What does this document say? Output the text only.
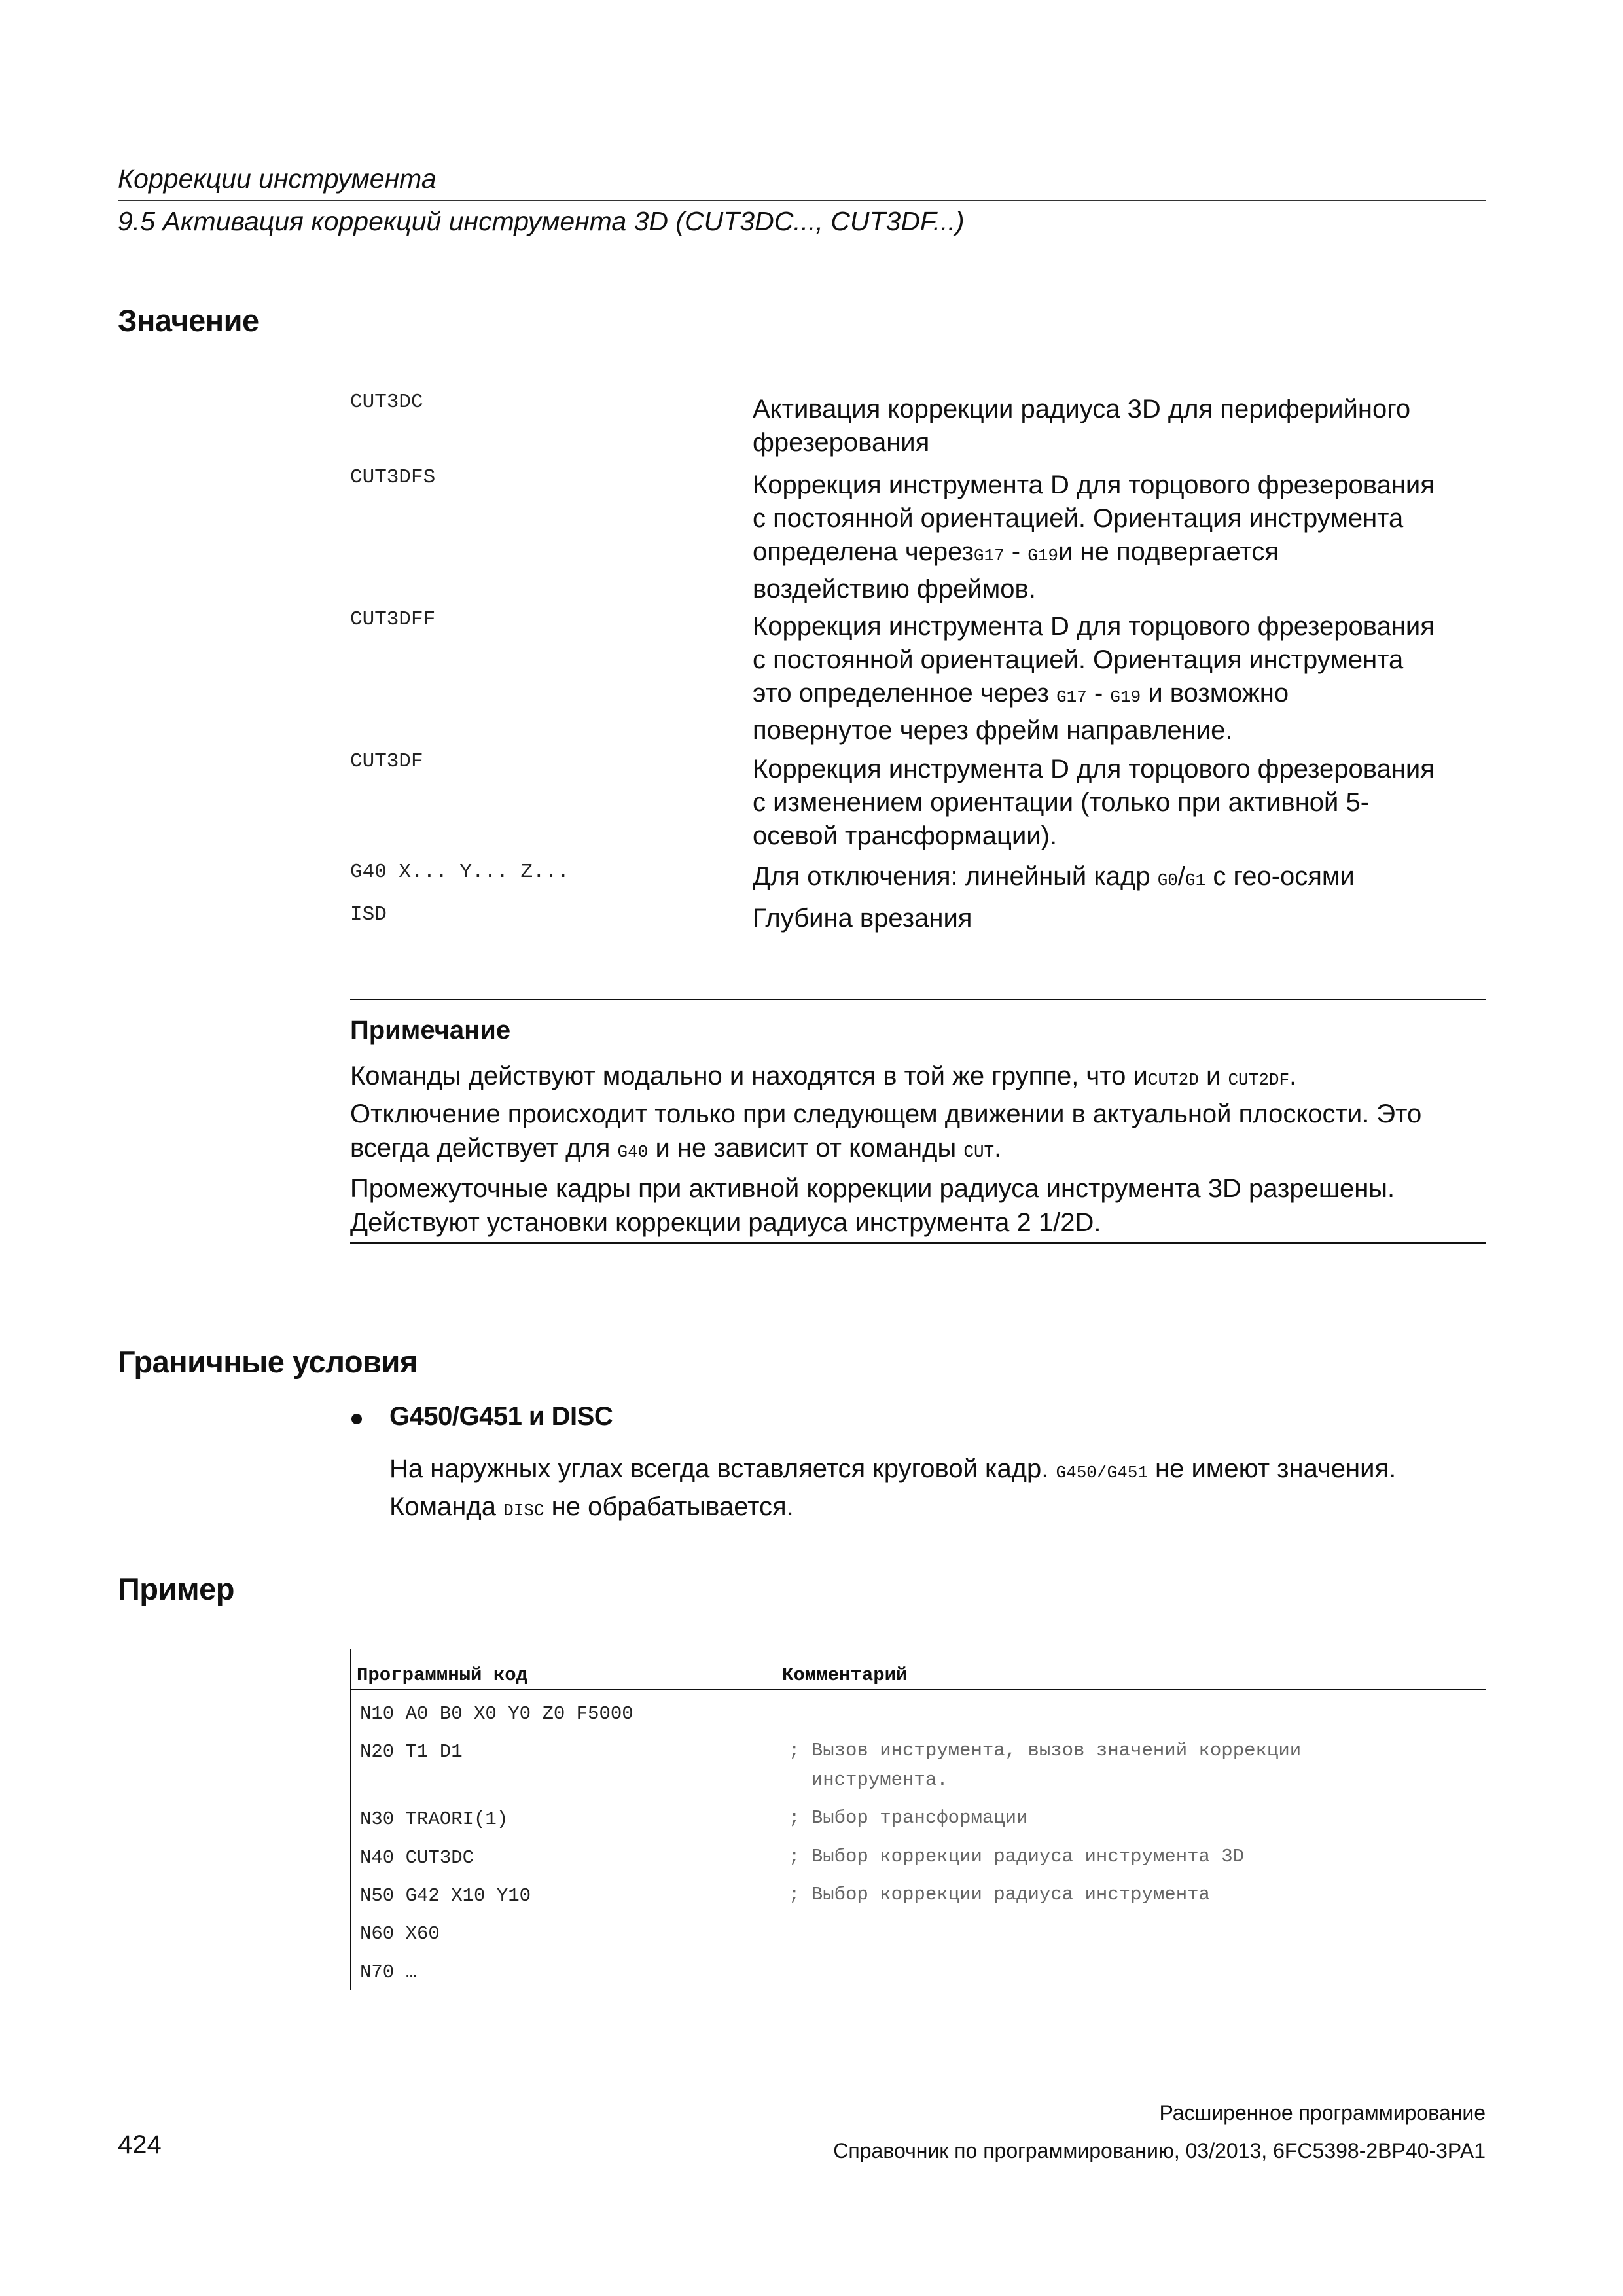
Коррекции инструмента
9.5 Активация коррекций инструмента 3D (CUT3DC..., CUT3DF...)
Значение
CUT3DC	Активация коррекции радиуса 3D для периферийного
фрезерования
CUT3DFS	Коррекция инструмента D для торцового фрезерования
с постоянной ориентацией. Ориентация инструмента
определена черезG17 - G19и не подвергается
воздействию фреймов.
CUT3DFF	Коррекция инструмента D для торцового фрезерования
с постоянной ориентацией. Ориентация инструмента
это определенное через G17 - G19 и возможно
повернутое через фрейм направление.
CUT3DF	Коррекция инструмента D для торцового фрезерования
с изменением ориентации (только при активной 5-
осевой трансформации).
G40 X... Y... Z...	Для отключения: линейный кадр G0/G1 с гео-осями
ISD	Глубина врезания
Примечание
Команды действуют модально и находятся в той же группе, что иCUT2D и CUT2DF.
Отключение происходит только при следующем движении в актуальной плоскости. Это
всегда действует для G40 и не зависит от команды CUT.
Промежуточные кадры при активной коррекции радиуса инструмента 3D разрешены.
Действуют установки коррекции радиуса инструмента 2 1/2D.
Граничные условия
G450/G451 и DISC
На наружных углах всегда вставляется круговой кадр. G450/G451 не имеют значения.
Команда DISC не обрабатывается.
Пример
Программный код	Комментарий
N10 A0 B0 X0 Y0 Z0 F5000
N20 T1 D1	; Вызов инструмента, вызов значений коррекции
инструмента.
N30 TRAORI(1)	; Выбор трансформации
N40 CUT3DC	; Выбор коррекции радиуса инструмента 3D
N50 G42 X10 Y10	; Выбор коррекции радиуса инструмента
N60 X60
N70 …
Расширенное программирование
424	Справочник по программированию, 03/2013, 6FC5398-2BP40-3PA1
